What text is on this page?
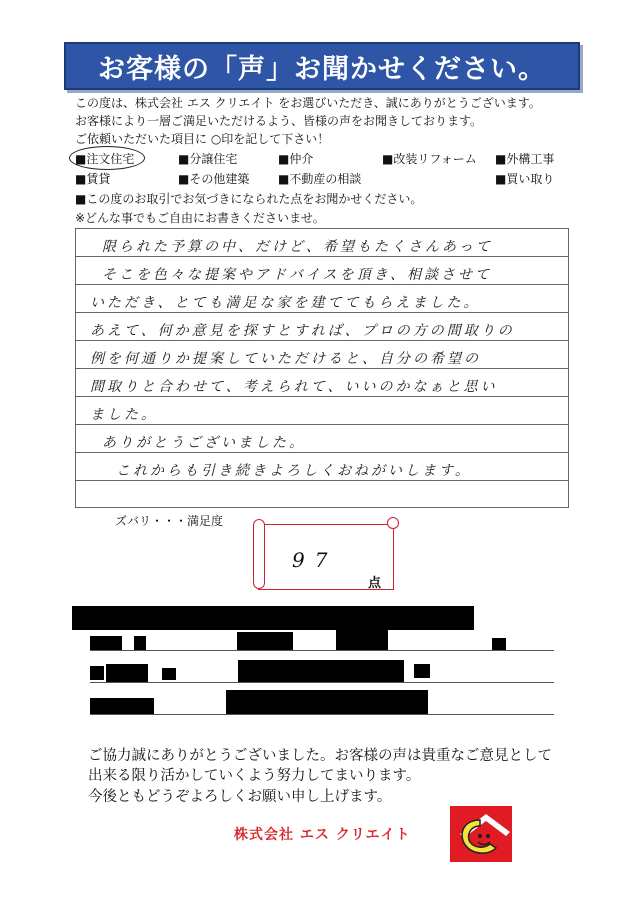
お客様の「声」お聞かせください。
この度は、株式会社 エス クリエイト をお選びいただき、誠にありがとうございます。
お客様により一層ご満足いただけるよう、皆様の声をお聞きしております。
ご依頼いただいた項目に ○印を記して下さい！
■注文住宅	■分譲住宅	■仲介	■改装リフォーム ■外構工事
■賃貸	■その他建築 ■不動産の相談	■買い取り
■この度のお取引でお気づきになられた点をお聞かせください。
※どんな事でもご自由にお書きくださいませ。
限られた予算の中、だけど、希望もたくさんあって
そこを色々な提案やアドバイスを頂き、相談させて
いただき、とても満足な家を建ててもらえました。
あえて、何か意見を探すとすれば、プロの方の間取りの
例を何通りか提案していただけると、自分の希望の
間取りと合わせて、考えられて、いいのかなぁと思い
ました。
ありがとうございました。
これからも引き続きよろしくおねがいします。
ズバリ・・・満足度
97
点
ご協力誠にありがとうございました。お客様の声は貴重なご意見として
出来る限り活かしていくよう努力してまいります。
今後ともどうぞよろしくお願い申し上げます。
株式会社 エス クリエイト
